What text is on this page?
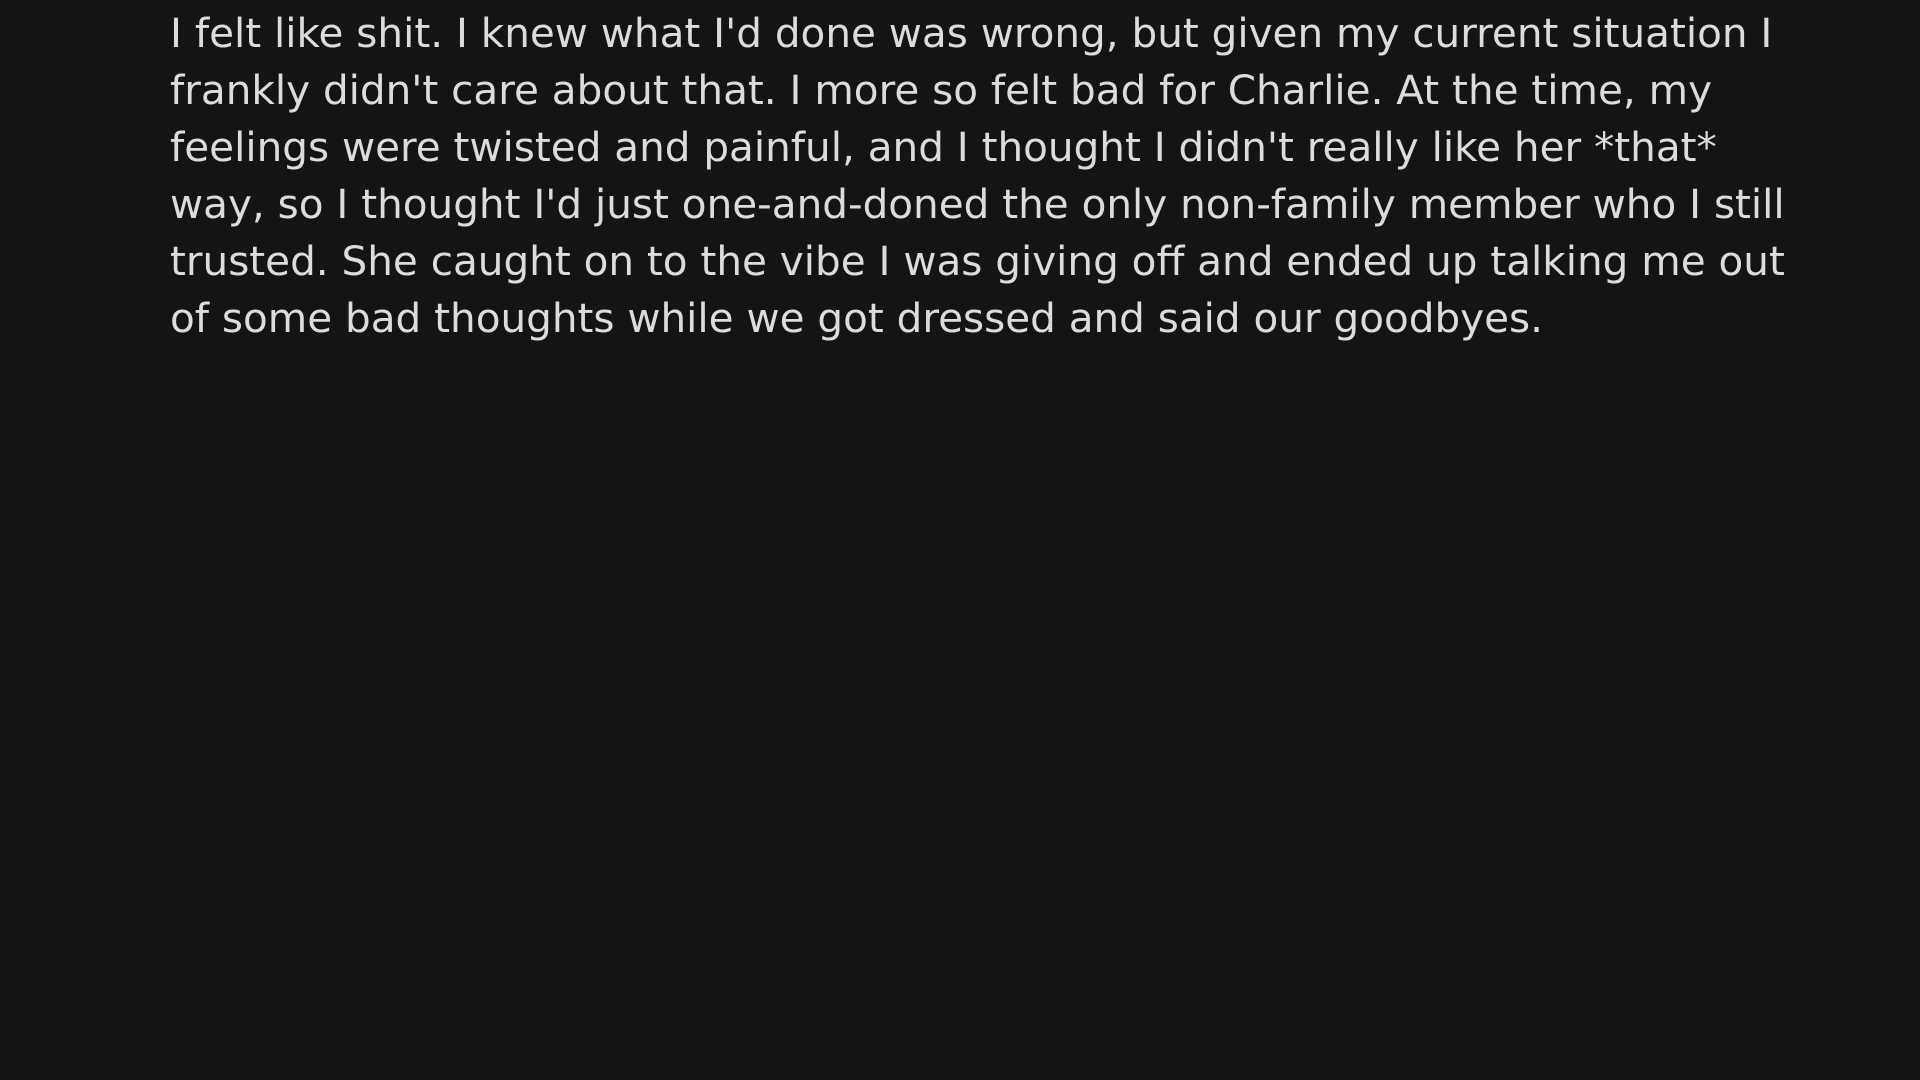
I felt like shit. I knew what I'd done was wrong, but given my current situation I
frankly didn't care about that. I more so felt bad for Charlie. At the time, my
feelings were twisted and painful, and I thought I didn't really like her *that*
way, so I thought I'd just one-and-doned the only non-family member who I still
trusted. She caught on to the vibe I was giving off and ended up talking me out
of some bad thoughts while we got dressed and said our goodbyes.
